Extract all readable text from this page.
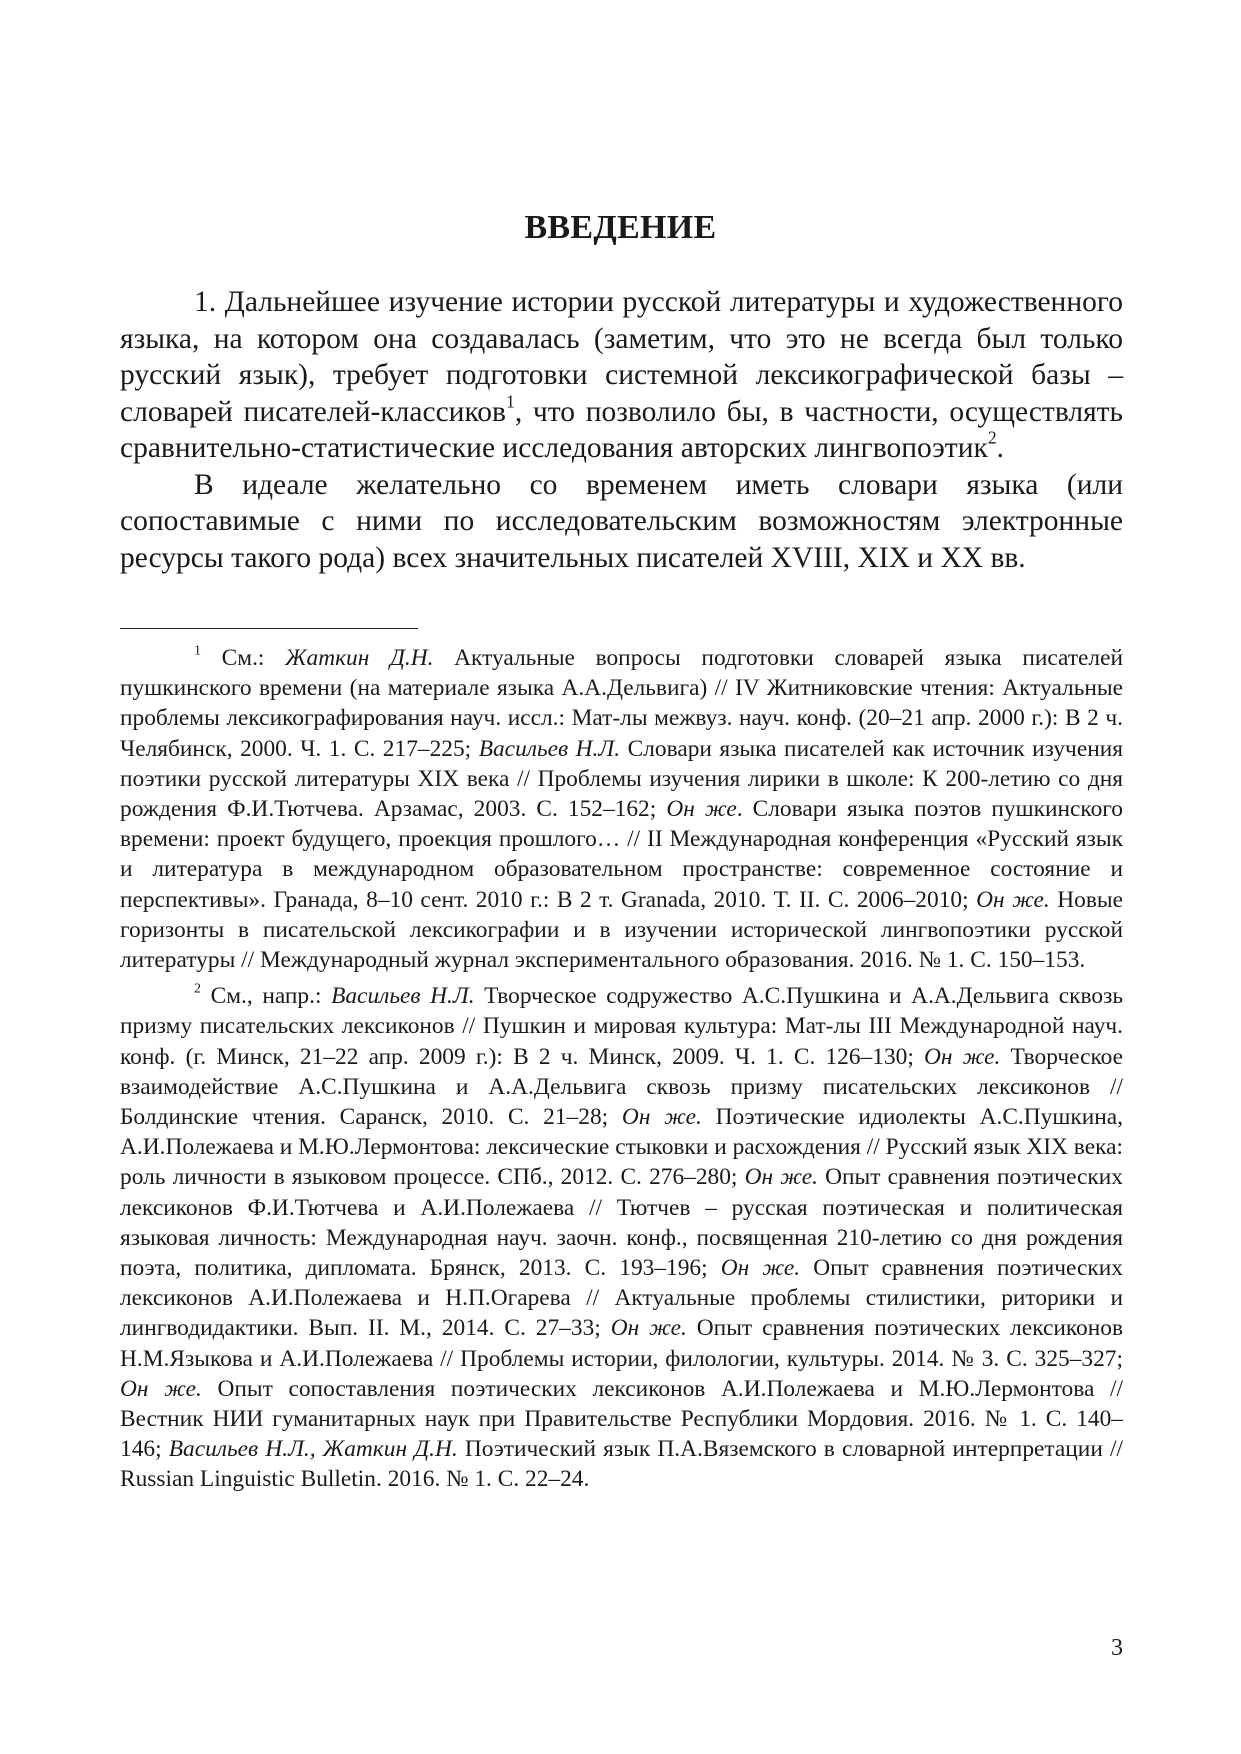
ВВЕДЕНИЕ

1. Дальнейшее изучение истории русской литературы и художественного языка, на котором она создавалась (заметим, что это не всегда был только русский язык), требует подготовки системной лексикографической базы – словарей писателей-классиков$^1$, что позволило бы, в частности, осуществлять сравнительно-статистические исследования авторских лингвопоэтик$^2$.

В идеале желательно со временем иметь словари языка (или сопоставимые с ними по исследовательским возможностям электронные ресурсы такого рода) всех значительных писателей XVIII, XIX и XX вв.

$^1$ См.: Жаткин Д.Н. Актуальные вопросы подготовки словарей языка писателей пушкинского времени (на материале языка А.А.Дельвига) // IV Житниковские чтения: Актуальные проблемы лексикографирования науч. иссл.: Мат-лы межвуз. науч. конф. (20–21 апр. 2000 г.): В 2 ч. Челябинск, 2000. Ч. 1. С. 217–225; Васильев Н.Л. Словари языка писателей как источник изучения поэтики русской литературы XIX века // Проблемы изучения лирики в школе: К 200-летию со дня рождения Ф.И.Тютчева. Арзамас, 2003. С. 152–162; Он же. Словари языка поэтов пушкинского времени: проект будущего, проекция прошлого… // II Международная конференция «Русский язык и литература в международном образовательном пространстве: современное состояние и перспективы». Гранада, 8–10 сент. 2010 г.: В 2 т. Granada, 2010. Т. II. С. 2006–2010; Он же. Новые горизонты в писательской лексикографии и в изучении исторической лингвопоэтики русской литературы // Международный журнал экспериментального образования. 2016. № 1. С. 150–153.

$^2$ См., напр.: Васильев Н.Л. Творческое содружество А.С.Пушкина и А.А.Дельвига сквозь призму писательских лексиконов // Пушкин и мировая культура: Мат-лы III Международной науч. конф. (г. Минск, 21–22 апр. 2009 г.): В 2 ч. Минск, 2009. Ч. 1. С. 126–130; Он же. Творческое взаимодействие А.С.Пушкина и А.А.Дельвига сквозь призму писательских лексиконов // Болдинские чтения. Саранск, 2010. С. 21–28; Он же. Поэтические идиолекты А.С.Пушкина, А.И.Полежаева и М.Ю.Лермонтова: лексические стыковки и расхождения // Русский язык XIX века: роль личности в языковом процессе. СПб., 2012. С. 276–280; Он же. Опыт сравнения поэтических лексиконов Ф.И.Тютчева и А.И.Полежаева // Тютчев – русская поэтическая и политическая языковая личность: Международная науч. заочн. конф., посвященная 210-летию со дня рождения поэта, политика, дипломата. Брянск, 2013. С. 193–196; Он же. Опыт сравнения поэтических лексиконов А.И.Полежаева и Н.П.Огарева // Актуальные проблемы стилистики, риторики и лингводидактики. Вып. II. М., 2014. С. 27–33; Он же. Опыт сравнения поэтических лексиконов Н.М.Языкова и А.И.Полежаева // Проблемы истории, филологии, культуры. 2014. № 3. С. 325–327; Он же. Опыт сопоставления поэтических лексиконов А.И.Полежаева и М.Ю.Лермонтова // Вестник НИИ гуманитарных наук при Правительстве Республики Мордовия. 2016. № 1. С. 140–146; Васильев Н.Л., Жаткин Д.Н. Поэтический язык П.А.Вяземского в словарной интерпретации // Russian Linguistic Bulletin. 2016. № 1. С. 22–24.

3
